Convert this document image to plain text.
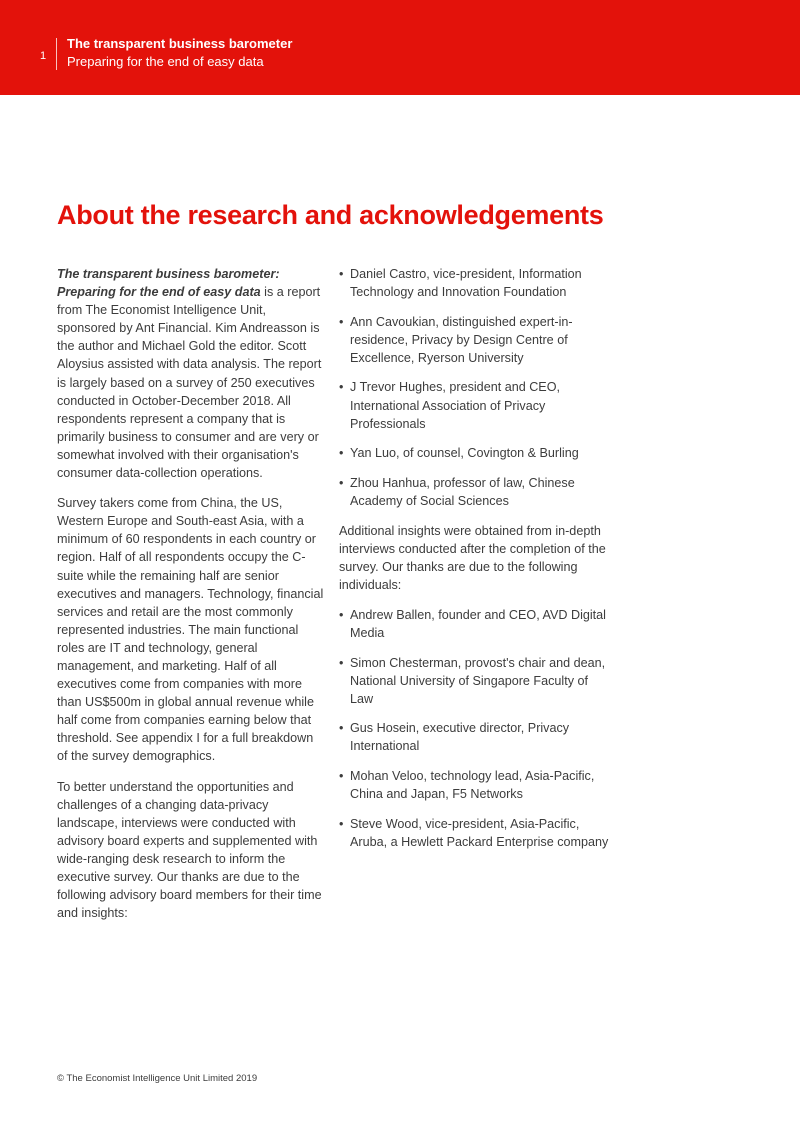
1
The transparent business barometer
Preparing for the end of easy data
About the research and acknowledgements

The transparent business barometer: Preparing for the end of easy data is a report from The Economist Intelligence Unit, sponsored by Ant Financial. Kim Andreasson is the author and Michael Gold the editor. Scott Aloysius assisted with data analysis. The report is largely based on a survey of 250 executives conducted in October-December 2018. All respondents represent a company that is primarily business to consumer and are very or somewhat involved with their organisation's consumer data-collection operations.

Survey takers come from China, the US, Western Europe and South-east Asia, with a minimum of 60 respondents in each country or region. Half of all respondents occupy the C-suite while the remaining half are senior executives and managers. Technology, financial services and retail are the most commonly represented industries. The main functional roles are IT and technology, general management, and marketing. Half of all executives come from companies with more than US$500m in global annual revenue while half come from companies earning below that threshold. See appendix I for a full breakdown of the survey demographics.

To better understand the opportunities and challenges of a changing data-privacy landscape, interviews were conducted with advisory board experts and supplemented with wide-ranging desk research to inform the executive survey. Our thanks are due to the following advisory board members for their time and insights:

• Daniel Castro, vice-president, Information Technology and Innovation Foundation
• Ann Cavoukian, distinguished expert-in-residence, Privacy by Design Centre of Excellence, Ryerson University
• J Trevor Hughes, president and CEO, International Association of Privacy Professionals
• Yan Luo, of counsel, Covington & Burling
• Zhou Hanhua, professor of law, Chinese Academy of Social Sciences

Additional insights were obtained from in-depth interviews conducted after the completion of the survey. Our thanks are due to the following individuals:

• Andrew Ballen, founder and CEO, AVD Digital Media
• Simon Chesterman, provost's chair and dean, National University of Singapore Faculty of Law
• Gus Hosein, executive director, Privacy International
• Mohan Veloo, technology lead, Asia-Pacific, China and Japan, F5 Networks
• Steve Wood, vice-president, Asia-Pacific, Aruba, a Hewlett Packard Enterprise company
© The Economist Intelligence Unit Limited 2019
